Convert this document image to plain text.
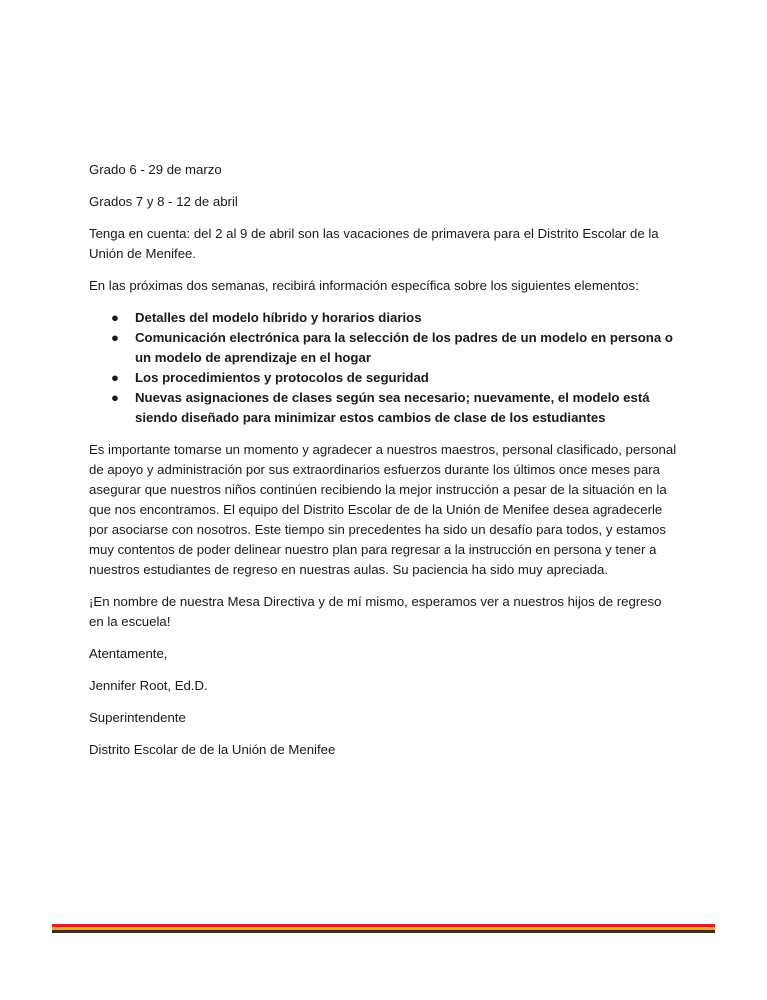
Grado 6 - 29 de marzo

Grados 7 y 8 - 12 de abril

Tenga en cuenta: del 2 al 9 de abril son las vacaciones de primavera para el Distrito Escolar de la Unión de Menifee.

En las próximas dos semanas, recibirá información específica sobre los siguientes elementos:

● Detalles del modelo híbrido y horarios diarios
● Comunicación electrónica para la selección de los padres de un modelo en persona o un modelo de aprendizaje en el hogar
● Los procedimientos y protocolos de seguridad
● Nuevas asignaciones de clases según sea necesario; nuevamente, el modelo está siendo diseñado para minimizar estos cambios de clase de los estudiantes

Es importante tomarse un momento y agradecer a nuestros maestros, personal clasificado, personal de apoyo y administración por sus extraordinarios esfuerzos durante los últimos once meses para asegurar que nuestros niños continúen recibiendo la mejor instrucción a pesar de la situación en la que nos encontramos. El equipo del Distrito Escolar de de la Unión de Menifee desea agradecerle por asociarse con nosotros. Este tiempo sin precedentes ha sido un desafío para todos, y estamos muy contentos de poder delinear nuestro plan para regresar a la instrucción en persona y tener a nuestros estudiantes de regreso en nuestras aulas. Su paciencia ha sido muy apreciada.

¡En nombre de nuestra Mesa Directiva y de mí mismo, esperamos ver a nuestros hijos de regreso en la escuela!

Atentamente,

Jennifer Root, Ed.D.

Superintendente

Distrito Escolar de de la Unión de Menifee

.
